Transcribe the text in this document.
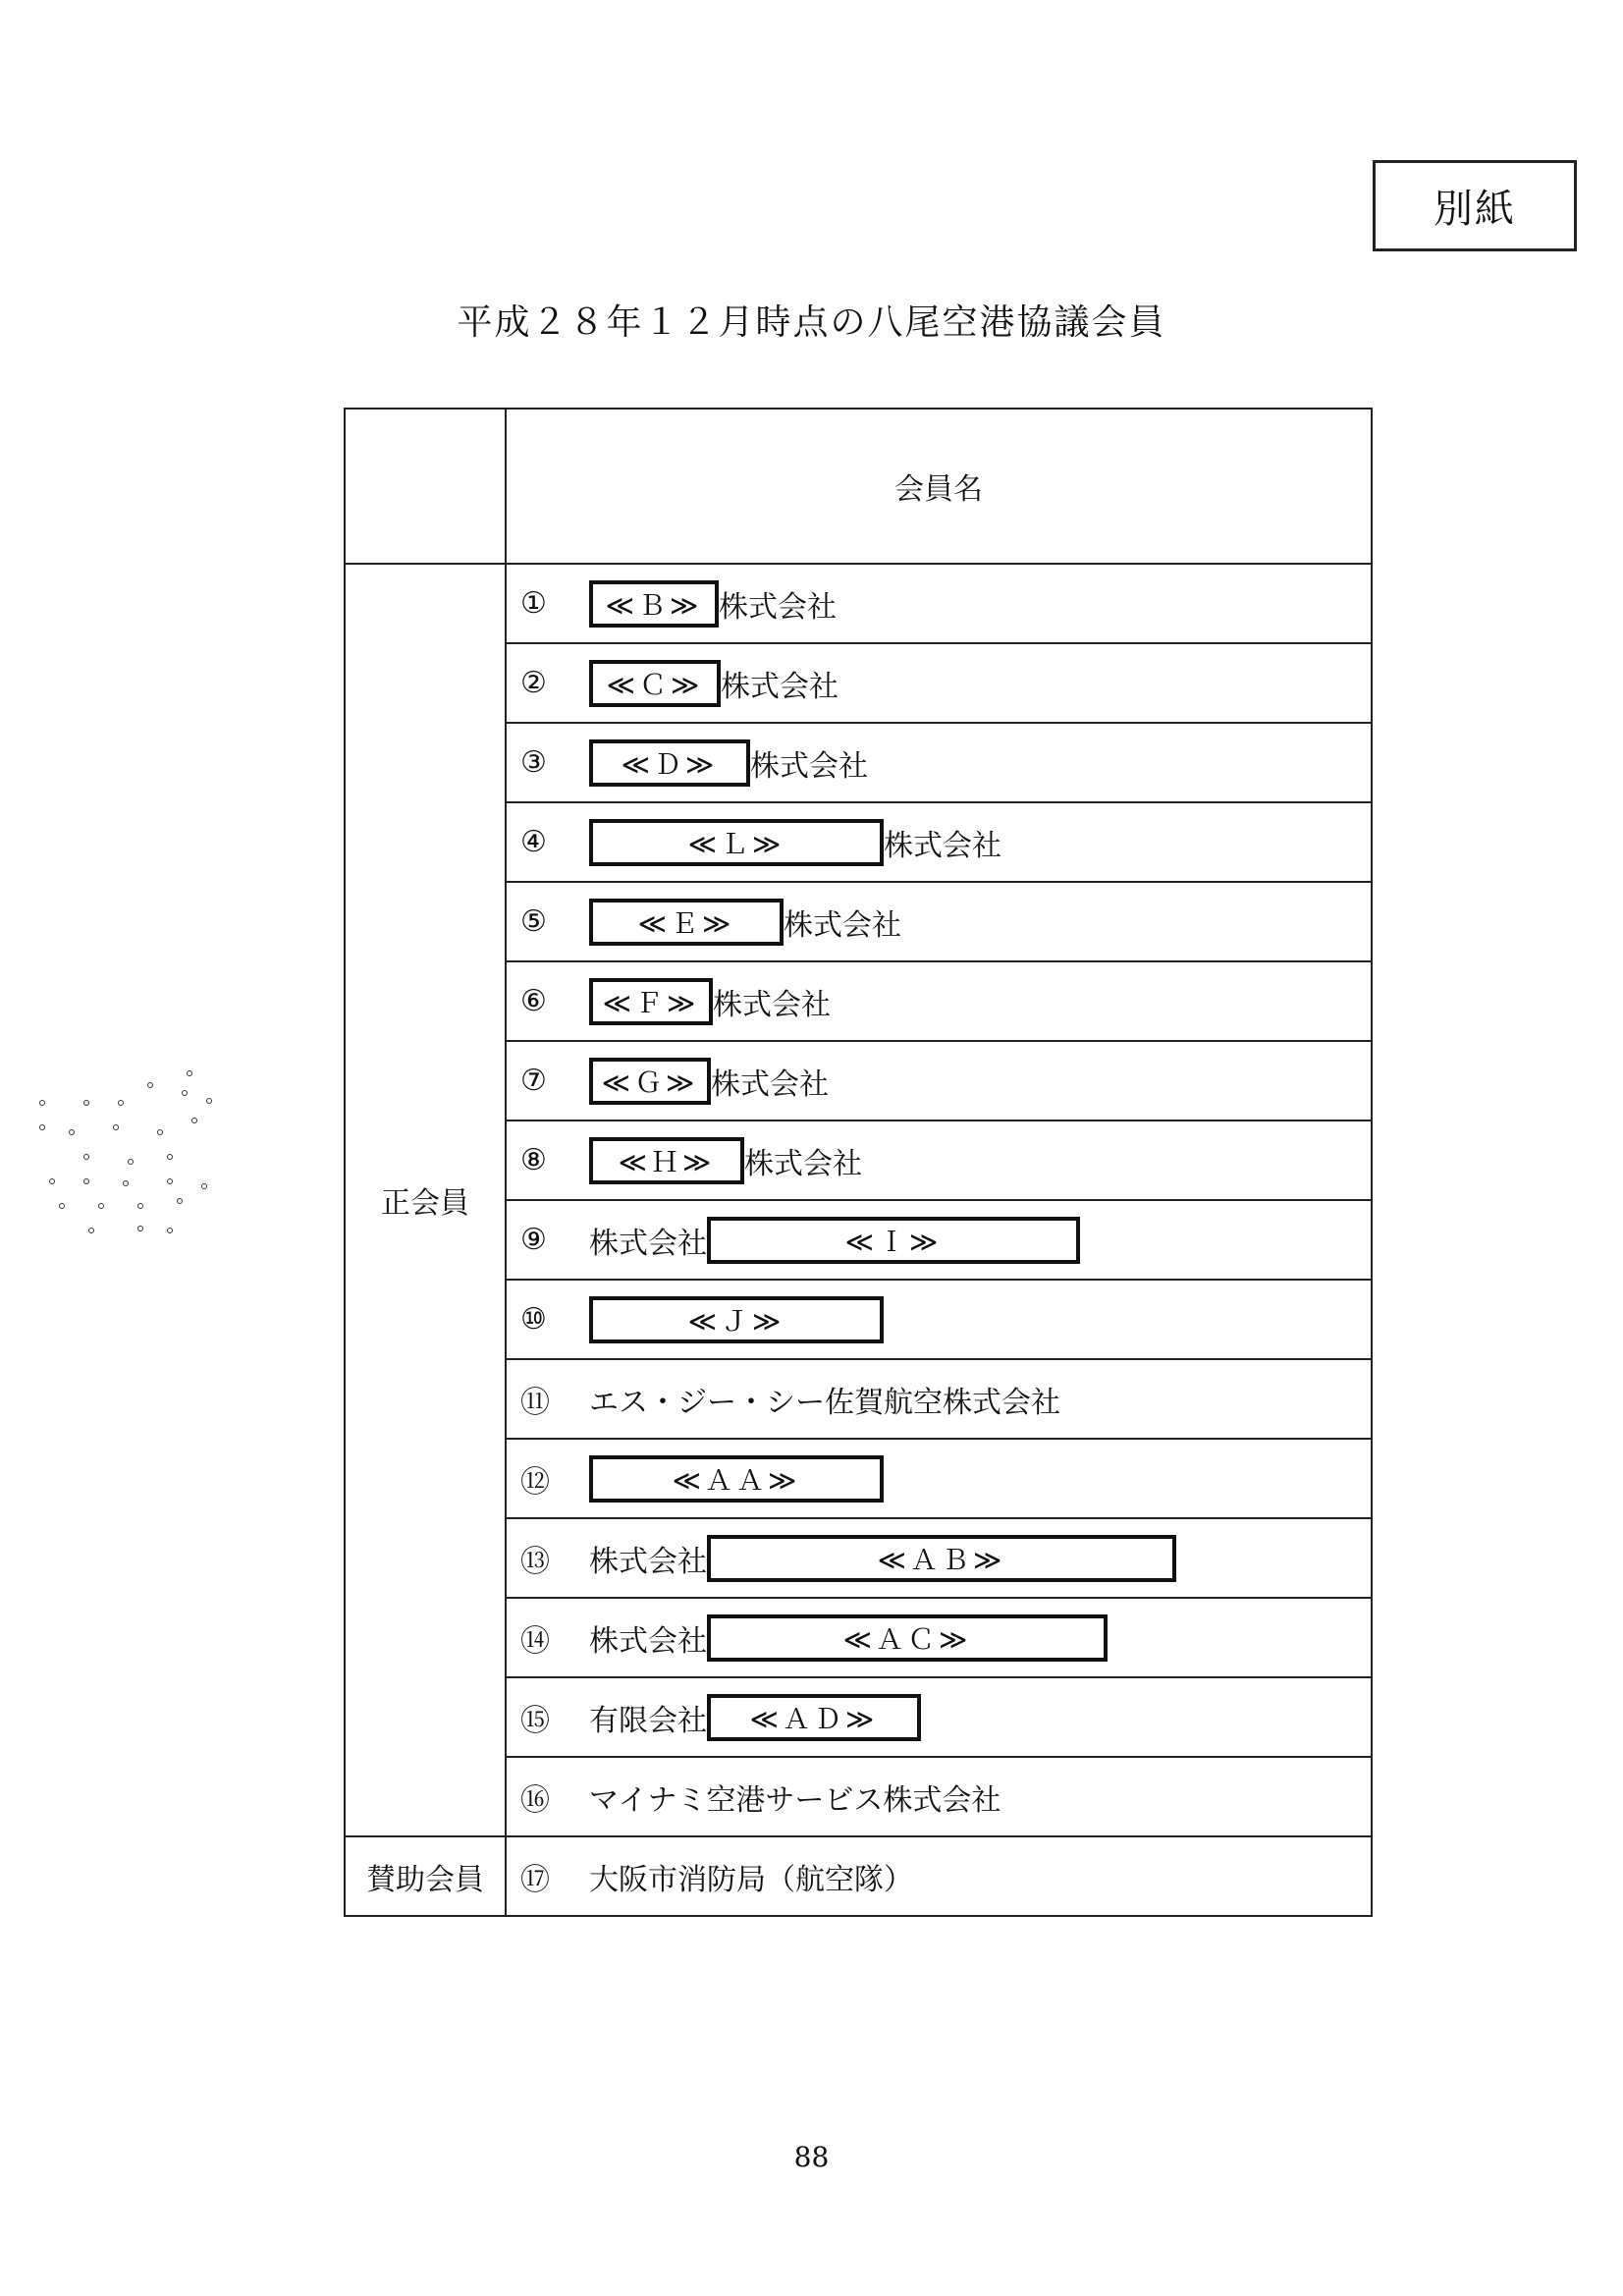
別紙
平成２８年１２月時点の八尾空港協議会員
	会員名
正会員	① ≪Ｂ≫ 株式会社

	② ≪Ｃ≫ 株式会社

	③ ≪Ｄ≫ 株式会社

	④ ≪Ｌ≫ 株式会社

	⑤ ≪Ｅ≫ 株式会社

	⑥ ≪Ｆ≫ 株式会社

	⑦ ≪Ｇ≫ 株式会社

	⑧ ≪Ｈ≫ 株式会社

	⑨ 株式会社 ≪Ｉ≫

	⑩ ≪Ｊ≫

	⑪ エス・ジー・シー佐賀航空株式会社

	⑫ ≪ＡＡ≫

	⑬ 株式会社 ≪ＡＢ≫

	⑭ 株式会社 ≪ＡＣ≫

	⑮ 有限会社 ≪ＡＤ≫

	⑯ マイナミ空港サービス株式会社

賛助会員	⑰ 大阪市消防局（航空隊）
88
